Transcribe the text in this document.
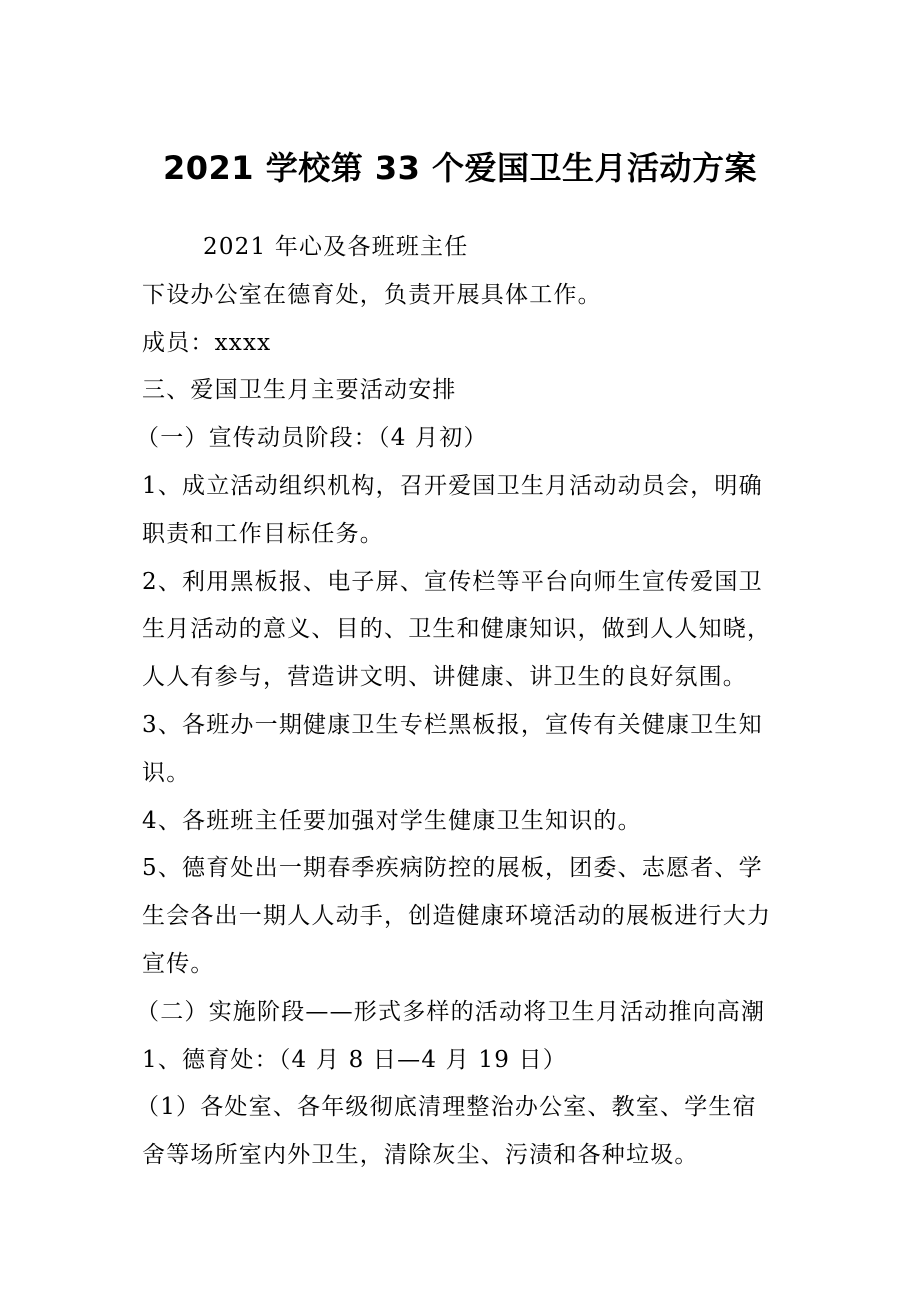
2021 学校第 33 个爱国卫生月活动方案
2021 年心及各班班主任
下设办公室在德育处，负责开展具体工作。
成员：xxxx
三、爱国卫生月主要活动安排
（一）宣传动员阶段：（4 月初）
1、成立活动组织机构，召开爱国卫生月活动动员会，明确
职责和工作目标任务。
2、利用黑板报、电子屏、宣传栏等平台向师生宣传爱国卫
生月活动的意义、目的、卫生和健康知识，做到人人知晓，
人人有参与，营造讲文明、讲健康、讲卫生的良好氛围。
3、各班办一期健康卫生专栏黑板报，宣传有关健康卫生知
识。
4、各班班主任要加强对学生健康卫生知识的。
5、德育处出一期春季疾病防控的展板，团委、志愿者、学
生会各出一期人人动手，创造健康环境活动的展板进行大力
宣传。
（二）实施阶段——形式多样的活动将卫生月活动推向高潮
1、德育处：（4 月 8 日—4 月 19 日）
（1）各处室、各年级彻底清理整治办公室、教室、学生宿
舍等场所室内外卫生，清除灰尘、污渍和各种垃圾。
